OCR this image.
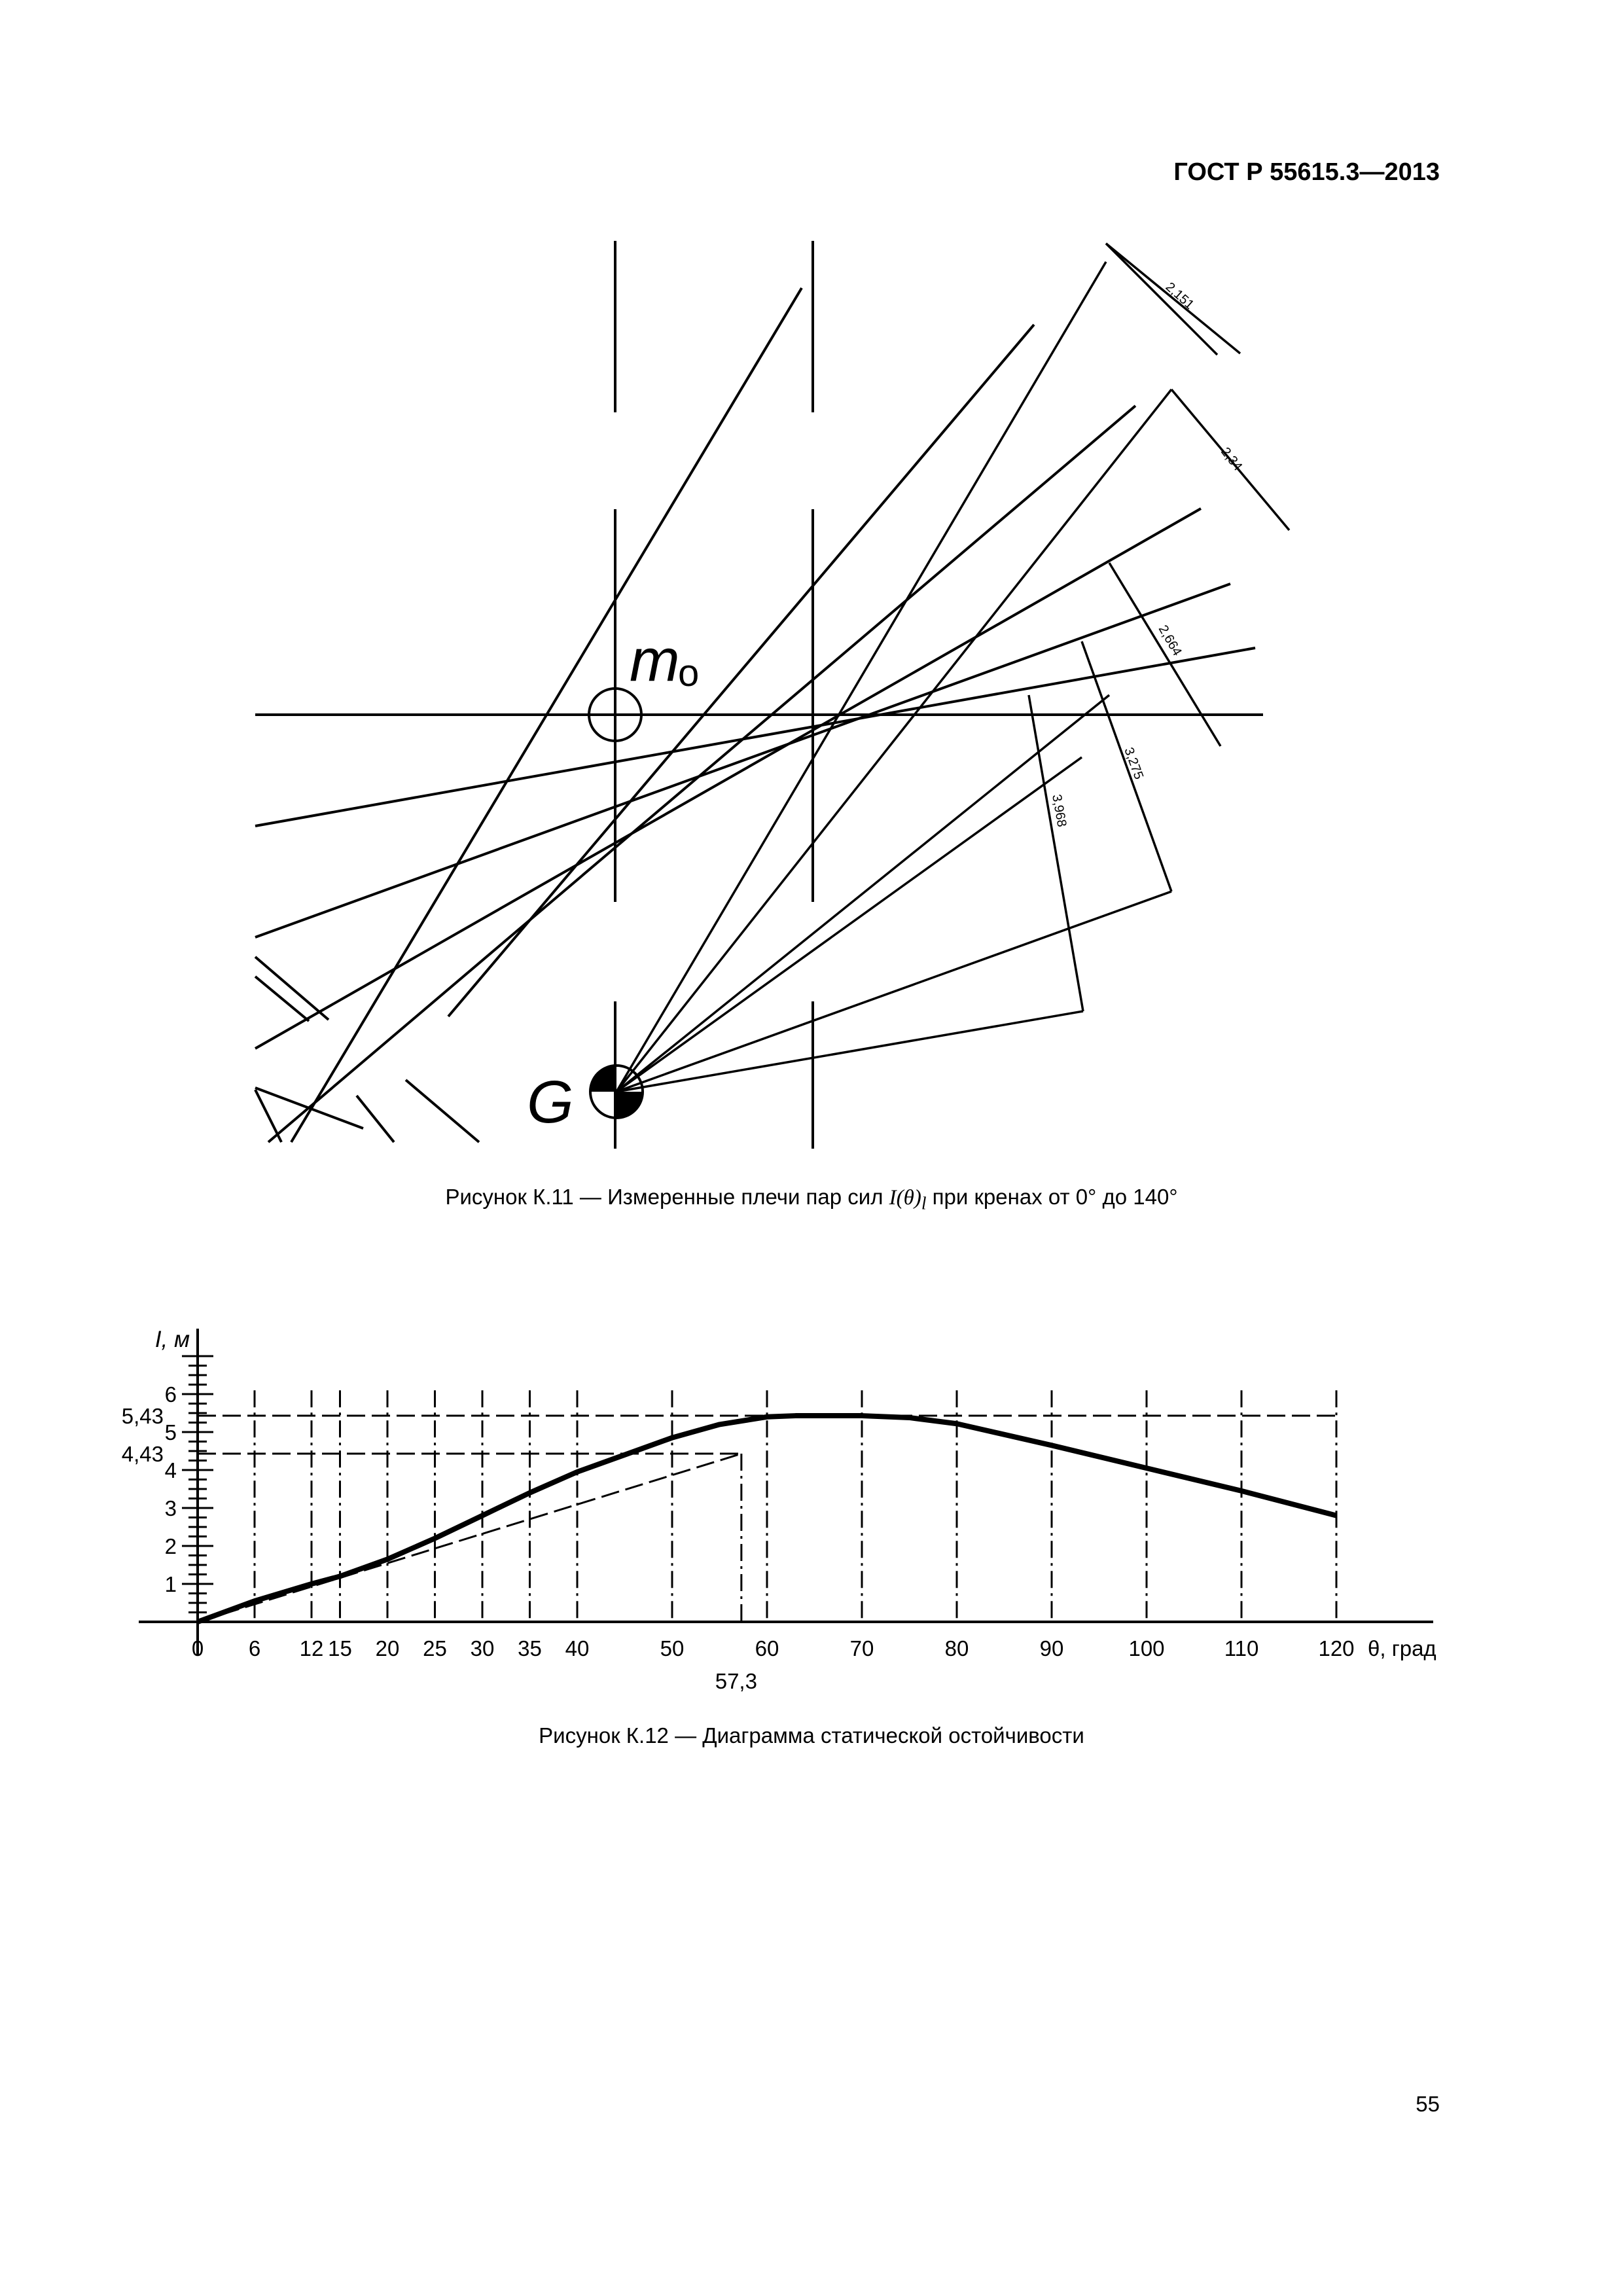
ГОСТ Р 55615.3—2013
2,151
2,34
2,664
3,275
3,968
m
o
G
Рисунок К.11 — Измеренные плечи пар сил $I(\theta)_l$ при кренах от 0° до 140°
0 6 12 15 20 25 30 35 40	50	60	70	80	90	100	110	120
57,3
θ, град
1
2
3
4
5
6
5,43
4,43
I, м
Рисунок К.12 — Диаграмма статической остойчивости
55
